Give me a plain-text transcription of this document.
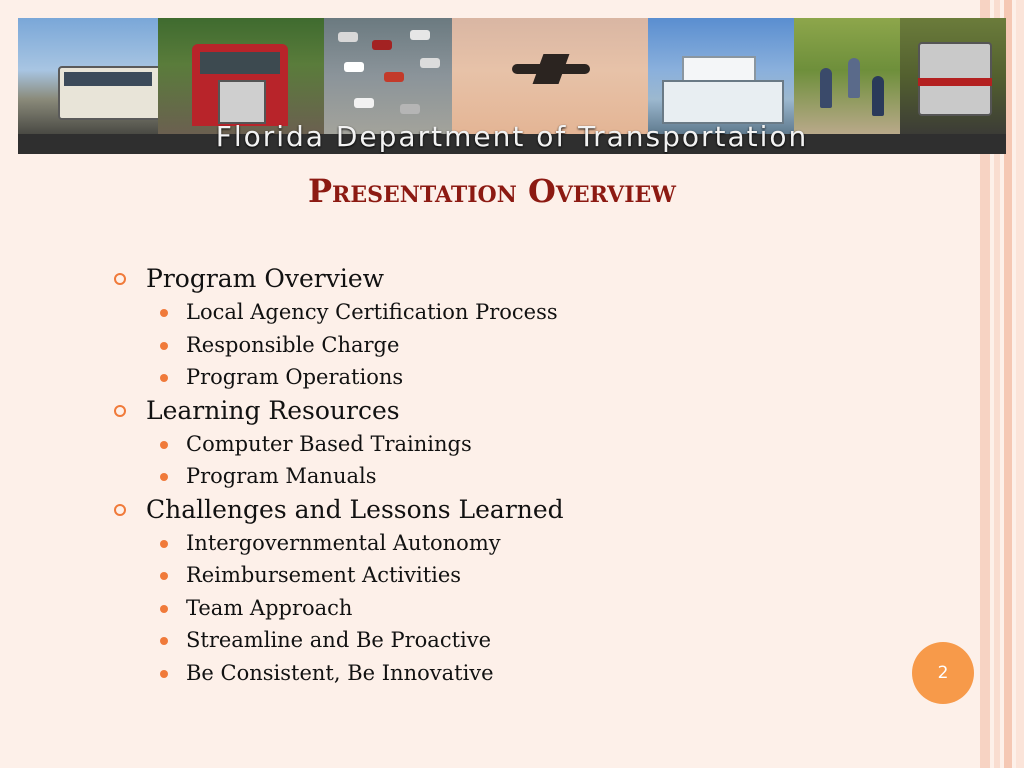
Florida Department of Transportation
Presentation Overview
Program Overview
Local Agency Certification Process
Responsible Charge
Program Operations
Learning Resources
Computer Based Trainings
Program Manuals
Challenges and Lessons Learned
Intergovernmental Autonomy
Reimbursement Activities
Team Approach
Streamline and Be Proactive
Be Consistent, Be Innovative	2
